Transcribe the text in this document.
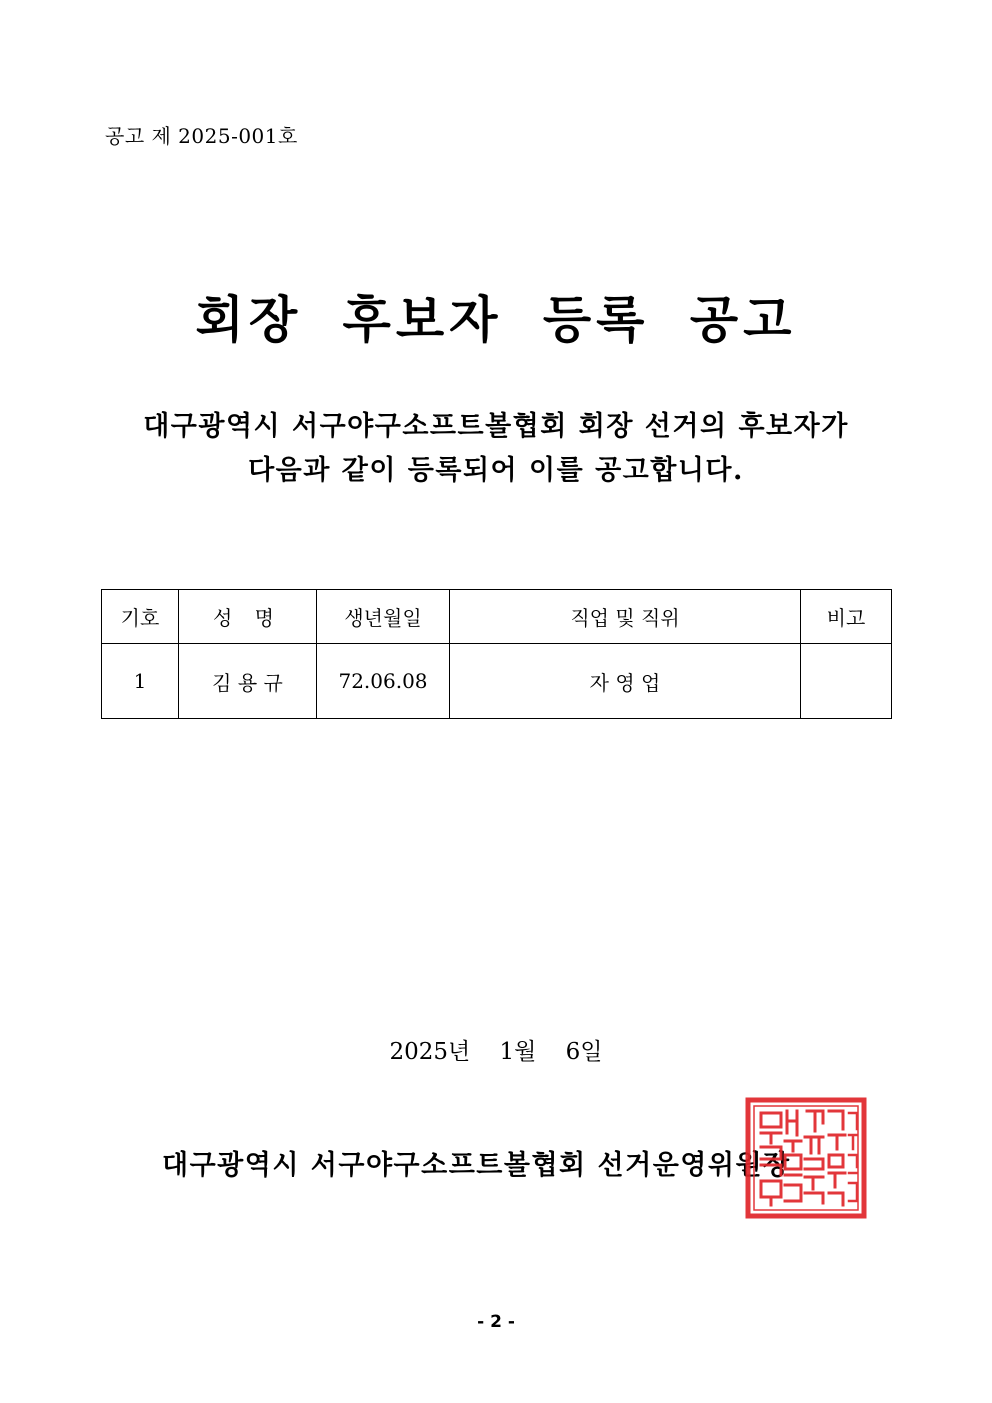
공고 제 2025-001호
회장 후보자 등록 공고
대구광역시 서구야구소프트볼협회 회장 선거의 후보자가
다음과 같이 등록되어 이를 공고합니다.
기호	성 명	생년월일	직업 및 직위	비고
1	김 용 규	72.06.08	자 영 업	
2025년    1월    6일
대구광역시 서구야구소프트볼협회 선거운영위원장
- 2 -
